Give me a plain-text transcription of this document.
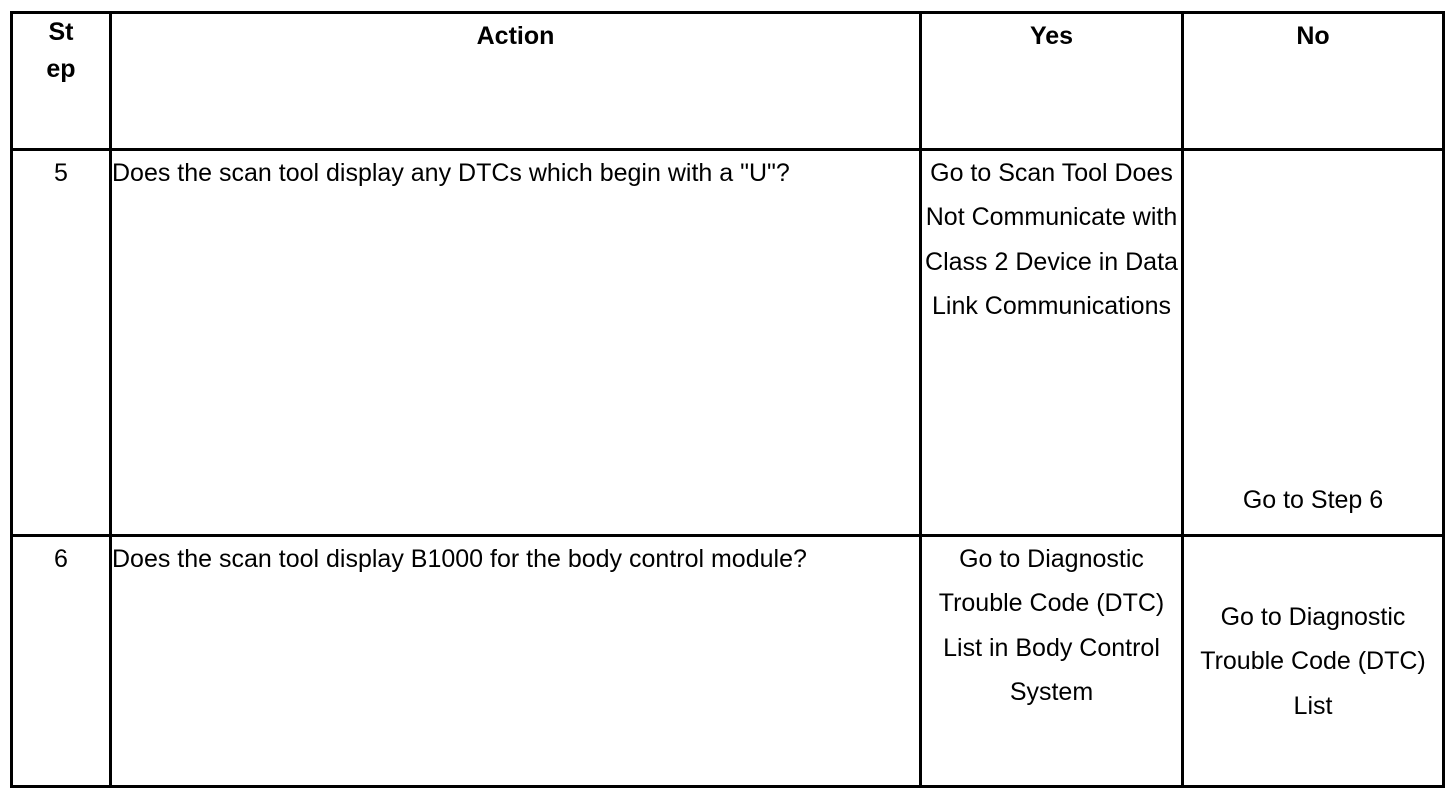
St
ep	Action	Yes	No
5	Does the scan tool display any DTCs which begin with a "U"?	Go to Scan Tool Does Not Communicate with Class 2 Device in Data Link Communications	Go to Step 6
6	Does the scan tool display B1000 for the body control module?	Go to Diagnostic Trouble Code (DTC) List in Body Control System	Go to Diagnostic Trouble Code (DTC) List
